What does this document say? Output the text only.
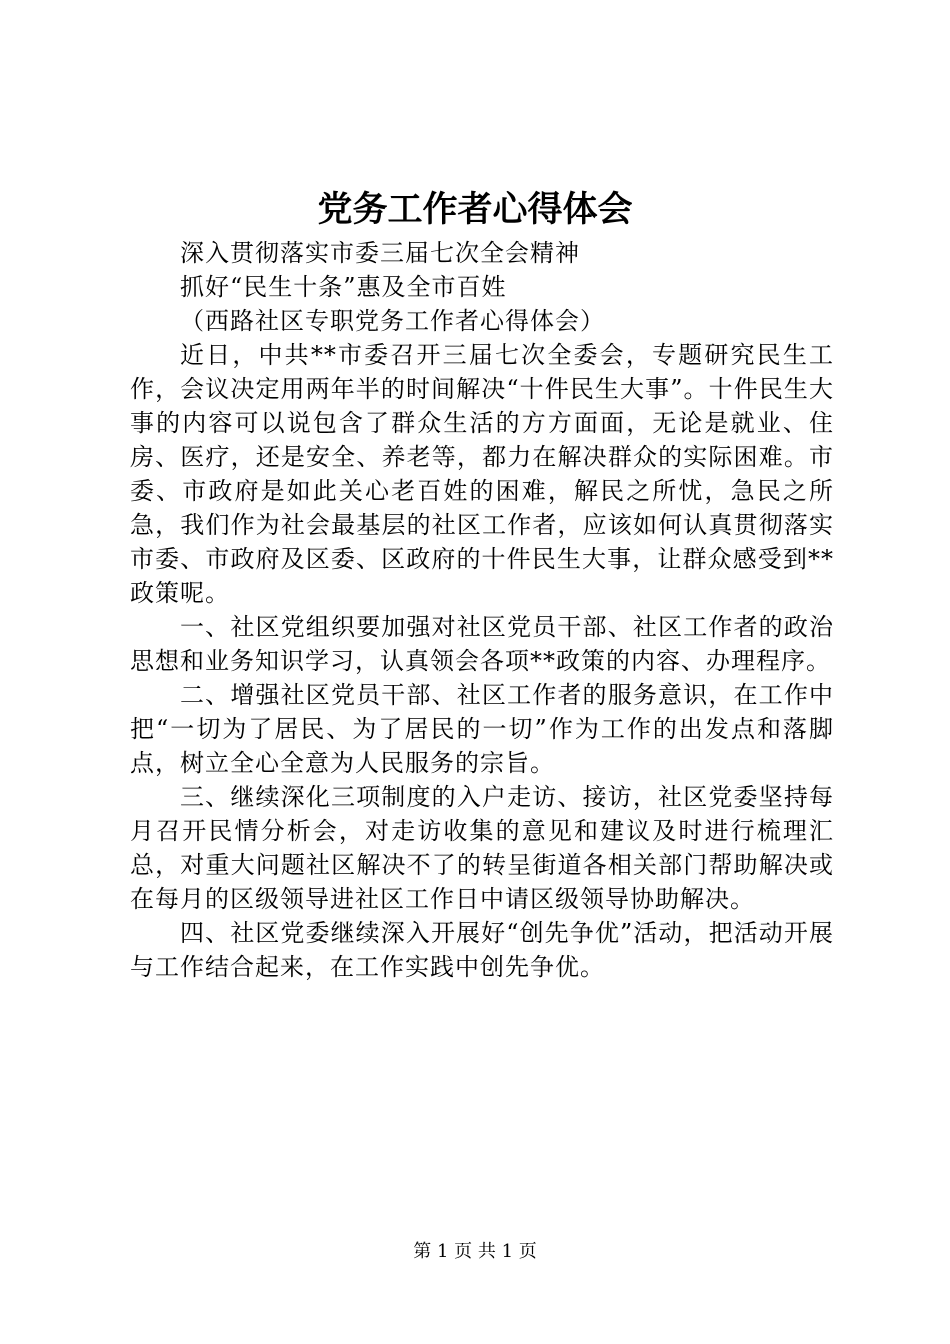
党务工作者心得体会

深入贯彻落实市委三届七次全会精神

抓好“民生十条”惠及全市百姓

（西路社区专职党务工作者心得体会）

近日，中共**市委召开三届七次全委会，专题研究民生工作，会议决定用两年半的时间解决“十件民生大事”。十件民生大事的内容可以说包含了群众生活的方方面面，无论是就业、住房、医疗，还是安全、养老等，都力在解决群众的实际困难。市委、市政府是如此关心老百姓的困难，解民之所忧，急民之所急，我们作为社会最基层的社区工作者，应该如何认真贯彻落实市委、市政府及区委、区政府的十件民生大事，让群众感受到**政策呢。

一、社区党组织要加强对社区党员干部、社区工作者的政治思想和业务知识学习，认真领会各项**政策的内容、办理程序。

二、增强社区党员干部、社区工作者的服务意识，在工作中把“一切为了居民、为了居民的一切”作为工作的出发点和落脚点，树立全心全意为人民服务的宗旨。

三、继续深化三项制度的入户走访、接访，社区党委坚持每月召开民情分析会，对走访收集的意见和建议及时进行梳理汇总，对重大问题社区解决不了的转呈街道各相关部门帮助解决或在每月的区级领导进社区工作日中请区级领导协助解决。

四、社区党委继续深入开展好“创先争优”活动，把活动开展与工作结合起来，在工作实践中创先争优。

第 1 页 共 1 页
